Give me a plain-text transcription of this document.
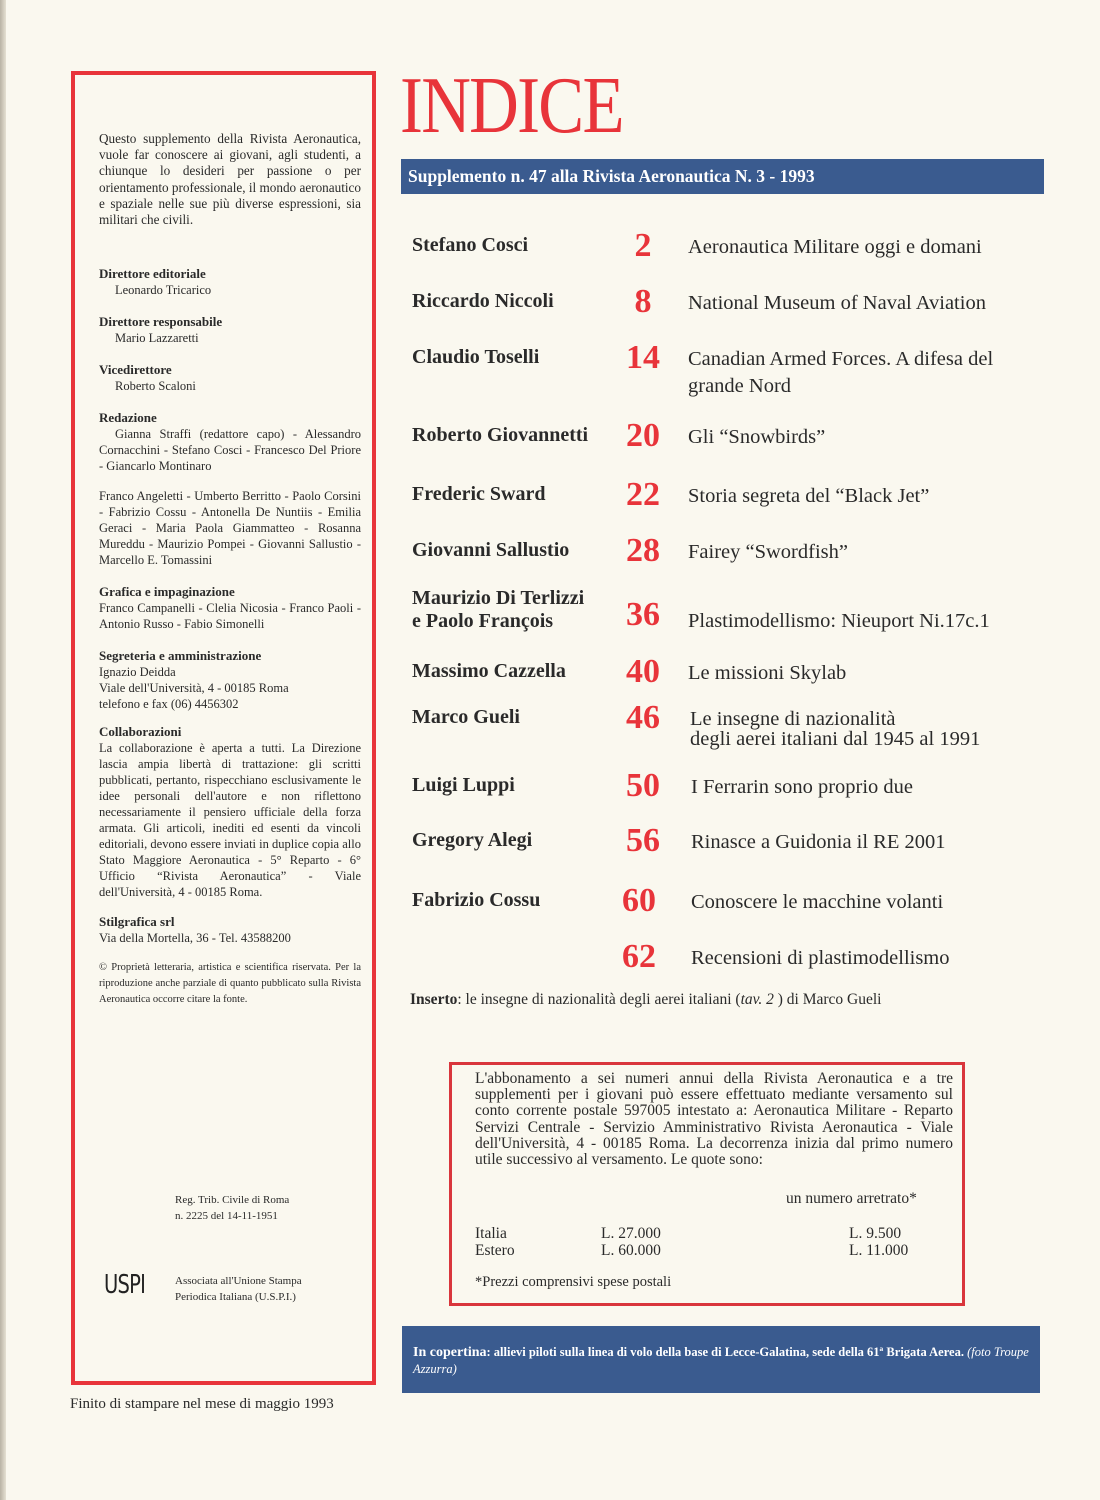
Questo supplemento della Rivista Aeronautica, vuole far conoscere ai giovani, agli studenti, a chiunque lo desideri per passione o per orientamento professionale, il mondo aeronautico e spaziale nelle sue più diverse espressioni, sia militari che civili.

Direttore editoriale
Leonardo Tricarico
Direttore responsabile
Mario Lazzaretti
Vicedirettore
Roberto Scaloni
Redazione
Gianna Straffi (redattore capo) - Alessandro Cornacchini - Stefano Cosci - Francesco Del Priore - Giancarlo Montinaro
Franco Angeletti - Umberto Berritto - Paolo Corsini - Fabrizio Cossu - Antonella De Nuntiis - Emilia Geraci - Maria Paola Giammatteo - Rosanna Mureddu - Maurizio Pompei - Giovanni Sallustio - Marcello E. Tomassini
Grafica e impaginazione
Franco Campanelli - Clelia Nicosia - Franco Paoli - Antonio Russo - Fabio Simonelli
Segreteria e amministrazione
Ignazio Deidda
Viale dell'Università, 4 - 00185 Roma
telefono e fax (06) 4456302
Collaborazioni
La collaborazione è aperta a tutti. La Direzione lascia ampia libertà di trattazione: gli scritti pubblicati, pertanto, rispecchiano esclusivamente le idee personali dell'autore e non riflettono necessariamente il pensiero ufficiale della forza armata. Gli articoli, inediti ed esenti da vincoli editoriali, devono essere inviati in duplice copia allo Stato Maggiore Aeronautica - 5° Reparto - 6° Ufficio “Rivista Aeronautica” - Viale dell'Università, 4 - 00185 Roma.
Stilgrafica srl
Via della Mortella, 36 - Tel. 43588200
© Proprietà letteraria, artistica e scientifica riservata. Per la riproduzione anche parziale di quanto pubblicato sulla Rivista Aeronautica occorre citare la fonte.
Reg. Trib. Civile di Roma
n. 2225 del 14-11-1951
USPI	Associata all'Unione Stampa
Periodica Italiana (U.S.P.I.)
Finito di stampare nel mese di maggio 1993
INDICE
Supplemento n. 47 alla Rivista Aeronautica N. 3 - 1993
Stefano Cosci	2	Aeronautica Militare oggi e domani
Riccardo Niccoli	8	National Museum of Naval Aviation
Claudio Toselli	14	Canadian Armed Forces. A difesa del grande Nord
Roberto Giovannetti 20	Gli “Snowbirds”
Frederic Sward 22	Storia segreta del “Black Jet”
Giovanni Sallustio 28	Fairey “Swordfish”
Maurizio Di Terlizzi
e Paolo François	36	Plastimodellismo: Nieuport Ni.17c.1
Massimo Cazzella 40	Le missioni Skylab
Marco Gueli	46	Le insegne di nazionalità
degli aerei italiani dal 1945 al 1991
Luigi Luppi	50	I Ferrarin sono proprio due
Gregory Alegi	56	Rinasce a Guidonia il RE 2001
Fabrizio Cossu 60	Conoscere le macchine volanti
62	Recensioni di plastimodellismo
Inserto: le insegne di nazionalità degli aerei italiani (tav. 2 ) di Marco Gueli
L'abbonamento a sei numeri annui della Rivista Aeronautica e a tre supplementi per i giovani può essere effettuato mediante versamento sul conto corrente postale 597005 intestato a: Aeronautica Militare - Reparto Servizi Centrale - Servizio Amministrativo Rivista Aeronautica - Viale dell'Università, 4 - 00185 Roma. La decorrenza inizia dal primo numero utile successivo al versamento. Le quote sono:
un numero arretrato*
Italia	L. 27.000	L. 9.500
Estero	L. 60.000	L. 11.000
*Prezzi comprensivi spese postali
In copertina: allievi piloti sulla linea di volo della base di Lecce-Galatina, sede della 61ª Brigata Aerea. (foto Troupe Azzurra)
